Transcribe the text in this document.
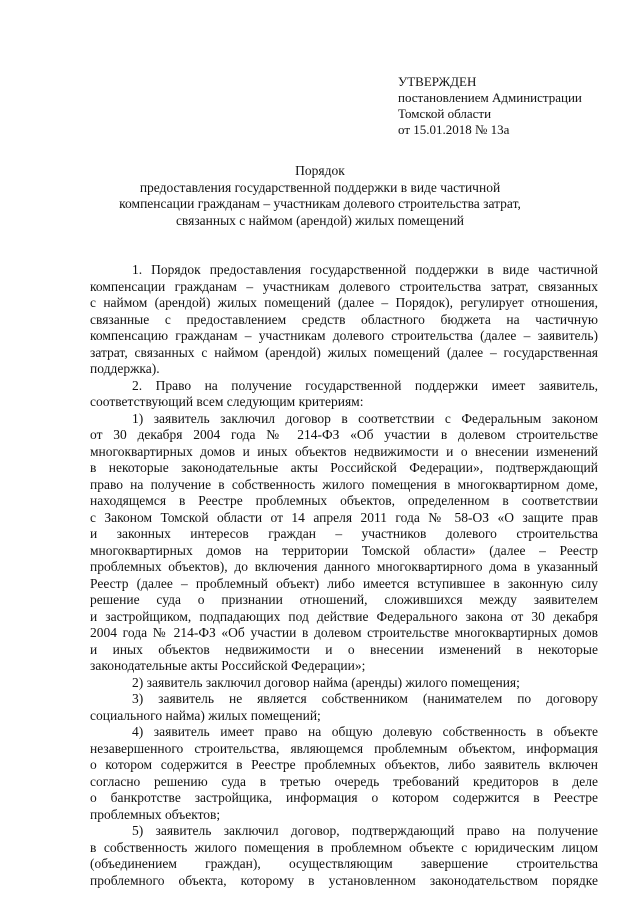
УТВЕРЖДЕН
постановлением Администрации
Томской области
от 15.01.2018 № 13а
Порядок
предоставления государственной поддержки в виде частичной
компенсации гражданам – участникам долевого строительства затрат,
связанных с наймом (арендой) жилых помещений
1. Порядок предоставления государственной поддержки в виде частичной
компенсации гражданам – участникам долевого строительства затрат, связанных
с наймом (арендой) жилых помещений (далее – Порядок), регулирует отношения,
связанные с предоставлением средств областного бюджета на частичную
компенсацию гражданам – участникам долевого строительства (далее – заявитель)
затрат, связанных с наймом (арендой) жилых помещений (далее – государственная
поддержка).
2. Право на получение государственной поддержки имеет заявитель,
соответствующий всем следующим критериям:
1) заявитель заключил договор в соответствии с Федеральным законом
от 30 декабря 2004 года № 214-ФЗ «Об участии в долевом строительстве
многоквартирных домов и иных объектов недвижимости и о внесении изменений
в некоторые законодательные акты Российской Федерации», подтверждающий
право на получение в собственность жилого помещения в многоквартирном доме,
находящемся в Реестре проблемных объектов, определенном в соответствии
с Законом Томской области от 14 апреля 2011 года № 58-ОЗ «О защите прав
и законных интересов граждан – участников долевого строительства
многоквартирных домов на территории Томской области» (далее – Реестр
проблемных объектов), до включения данного многоквартирного дома в указанный
Реестр (далее – проблемный объект) либо имеется вступившее в законную силу
решение суда о признании отношений, сложившихся между заявителем
и застройщиком, подпадающих под действие Федерального закона от 30 декабря
2004 года № 214-ФЗ «Об участии в долевом строительстве многоквартирных домов
и иных объектов недвижимости и о внесении изменений в некоторые
законодательные акты Российской Федерации»;
2) заявитель заключил договор найма (аренды) жилого помещения;
3) заявитель не является собственником (нанимателем по договору
социального найма) жилых помещений;
4) заявитель имеет право на общую долевую собственность в объекте
незавершенного строительства, являющемся проблемным объектом, информация
о котором содержится в Реестре проблемных объектов, либо заявитель включен
согласно решению суда в третью очередь требований кредиторов в деле
о банкротстве застройщика, информация о котором содержится в Реестре
проблемных объектов;
5) заявитель заключил договор, подтверждающий право на получение
в собственность жилого помещения в проблемном объекте с юридическим лицом
(объединением граждан), осуществляющим завершение строительства
проблемного объекта, которому в установленном законодательством порядке
